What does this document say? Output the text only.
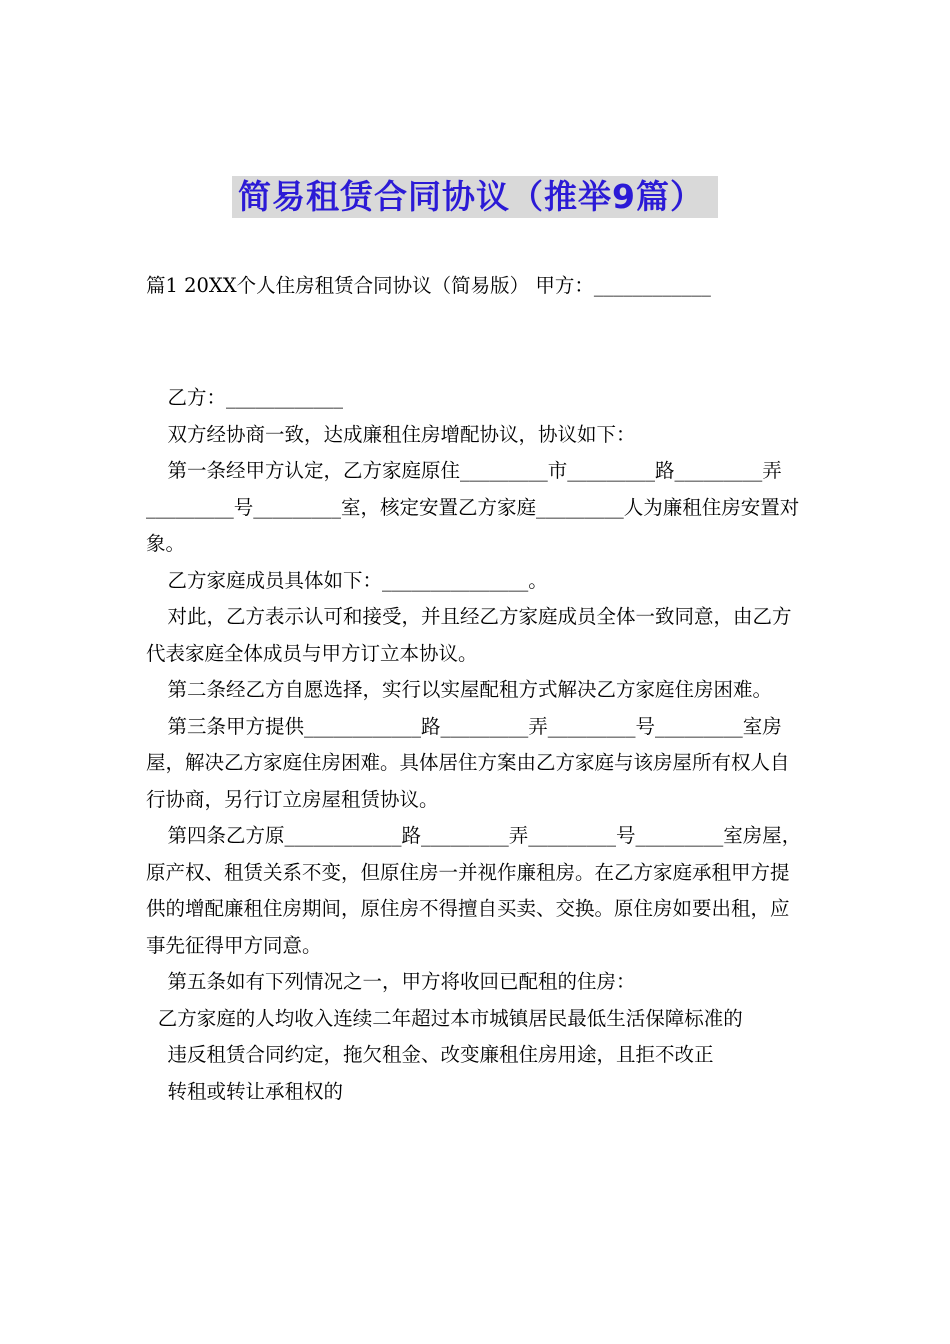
简易租赁合同协议（推举9篇）
篇1 20XX个人住房租赁合同协议（简易版） 甲方：____________

乙方：____________

双方经协商一致，达成廉租住房增配协议，协议如下：

第一条经甲方认定，乙方家庭原住_________市_________路_________弄_________号_________室，核定安置乙方家庭_________人为廉租住房安置对象。

乙方家庭成员具体如下：_______________。

对此，乙方表示认可和接受，并且经乙方家庭成员全体一致同意，由乙方代表家庭全体成员与甲方订立本协议。

第二条经乙方自愿选择，实行以实屋配租方式解决乙方家庭住房困难。

第三条甲方提供____________路_________弄_________号_________室房屋，解决乙方家庭住房困难。具体居住方案由乙方家庭与该房屋所有权人自行协商，另行订立房屋租赁协议。

第四条乙方原____________路_________弄_________号_________室房屋，原产权、租赁关系不变，但原住房一并视作廉租房。在乙方家庭承租甲方提供的增配廉租住房期间，原住房不得擅自买卖、交换。原住房如要出租，应事先征得甲方同意。

第五条如有下列情况之一，甲方将收回已配租的住房：

乙方家庭的人均收入连续二年超过本市城镇居民最低生活保障标准的

违反租赁合同约定，拖欠租金、改变廉租住房用途，且拒不改正

转租或转让承租权的
